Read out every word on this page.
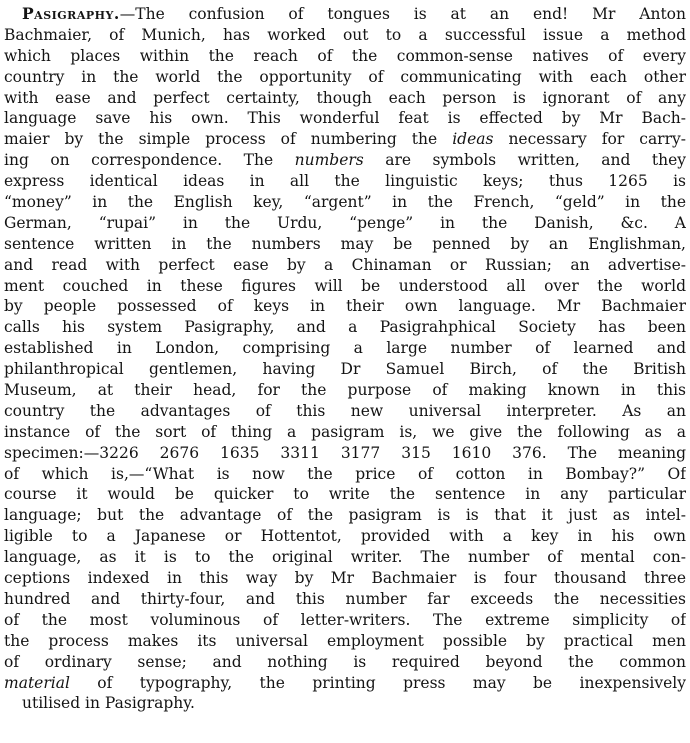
Pasigraphy.—The confusion of tongues is at an end! Mr Anton
Bachmaier, of Munich, has worked out to a successful issue a method
which places within the reach of the common-sense natives of every
country in the world the opportunity of communicating with each other
with ease and perfect certainty, though each person is ignorant of any
language save his own. This wonderful feat is effected by Mr Bach-
maier by the simple process of numbering the ideas necessary for carry-
ing on correspondence. The numbers are symbols written, and they
express identical ideas in all the linguistic keys; thus 1265 is
“money” in the English key, “argent” in the French, “geld” in the
German, “rupai” in the Urdu, “penge” in the Danish, &c. A
sentence written in the numbers may be penned by an Englishman,
and read with perfect ease by a Chinaman or Russian; an advertise-
ment couched in these figures will be understood all over the world
by people possessed of keys in their own language. Mr Bachmaier
calls his system Pasigraphy, and a Pasigrahphical Society has been
established in London, comprising a large number of learned and
philanthropical gentlemen, having Dr Samuel Birch, of the British
Museum, at their head, for the purpose of making known in this
country the advantages of this new universal interpreter. As an
instance of the sort of thing a pasigram is, we give the following as a
specimen:—3226 2676 1635 3311 3177 315 1610 376. The meaning
of which is,—“What is now the price of cotton in Bombay?” Of
course it would be quicker to write the sentence in any particular
language; but the advantage of the pasigram is is that it just as intel-
ligible to a Japanese or Hottentot, provided with a key in his own
language, as it is to the original writer. The number of mental con-
ceptions indexed in this way by Mr Bachmaier is four thousand three
hundred and thirty-four, and this number far exceeds the necessities
of the most voluminous of letter-writers. The extreme simplicity of
the process makes its universal employment possible by practical men
of ordinary sense; and nothing is required beyond the common
material of typography, the printing press may be inexpensively
utilised in Pasigraphy.
